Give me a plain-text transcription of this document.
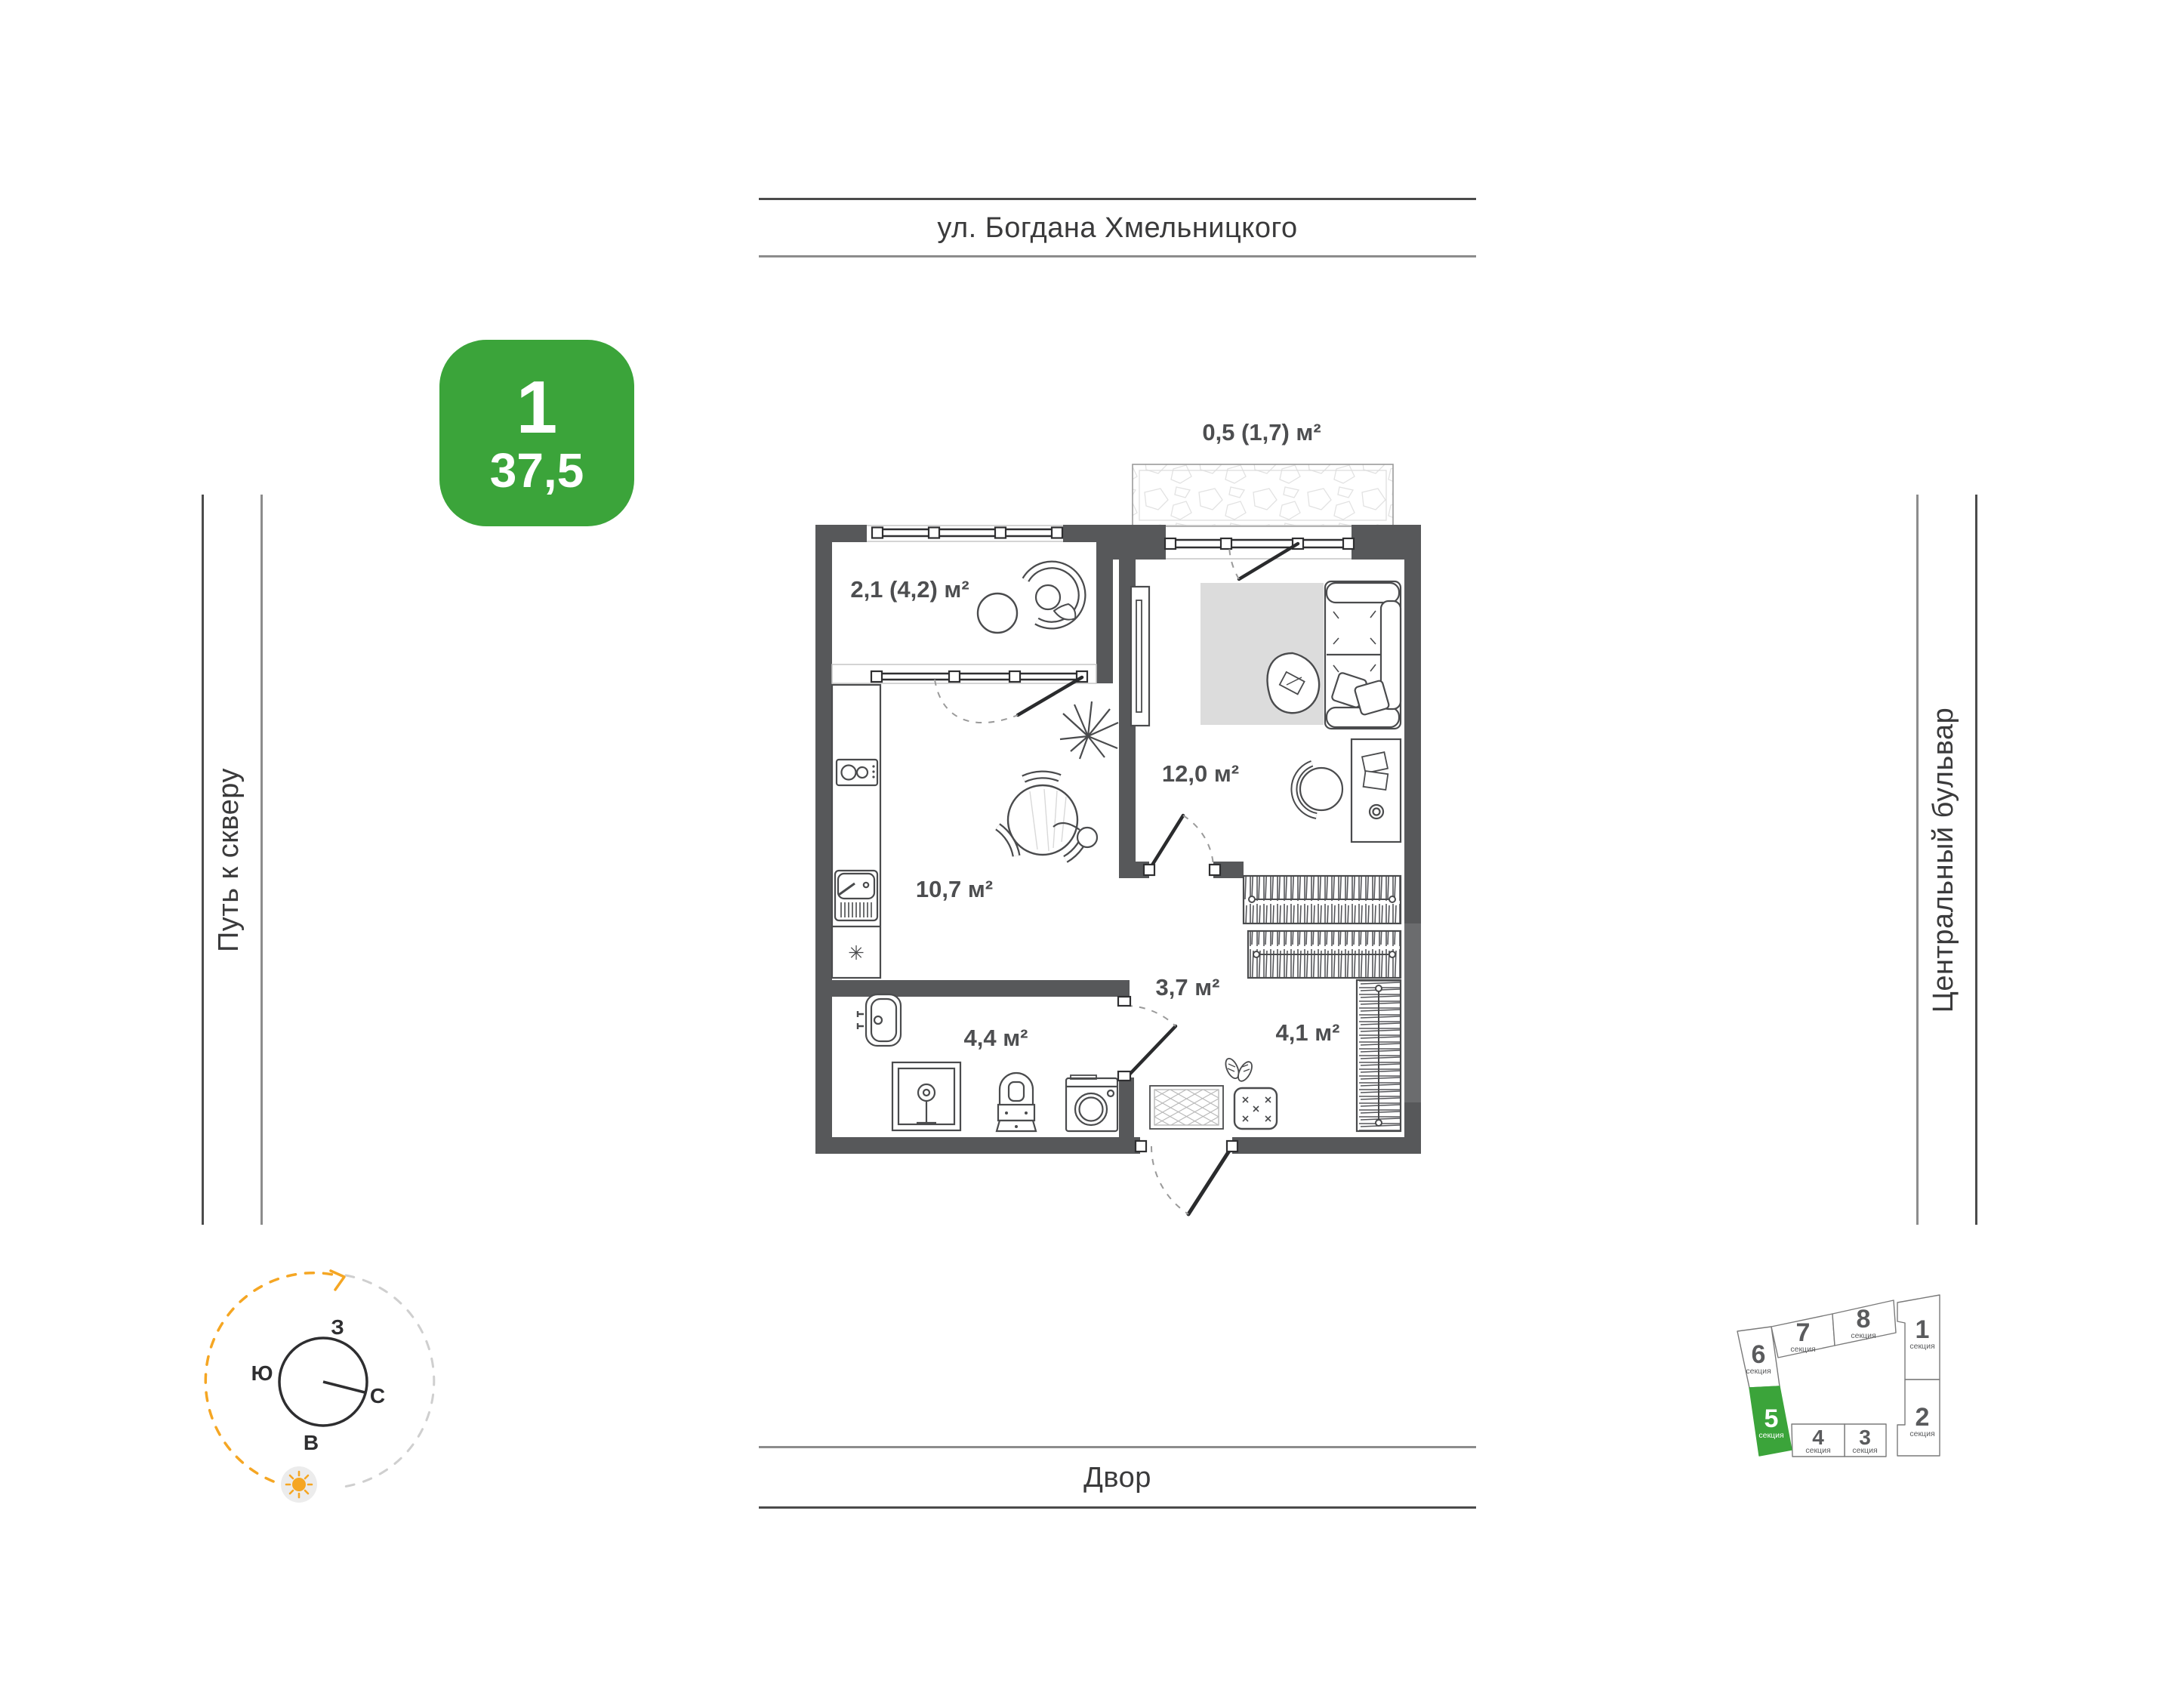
ул. Богдана Хмельницкого
Двор
Путь к скверу	Центральный бульвар
1
37,5
0,5 (1,7) м²
2,1 (4,2) м²
✳
10,7 м²
12,0 м²
3,7 м²
4,1 м²
4,4 м²
З
Ю
С
В
1
2
6
7 8
5
3
4
секция
секция
секция
секция
секция
секция
секция
секция
